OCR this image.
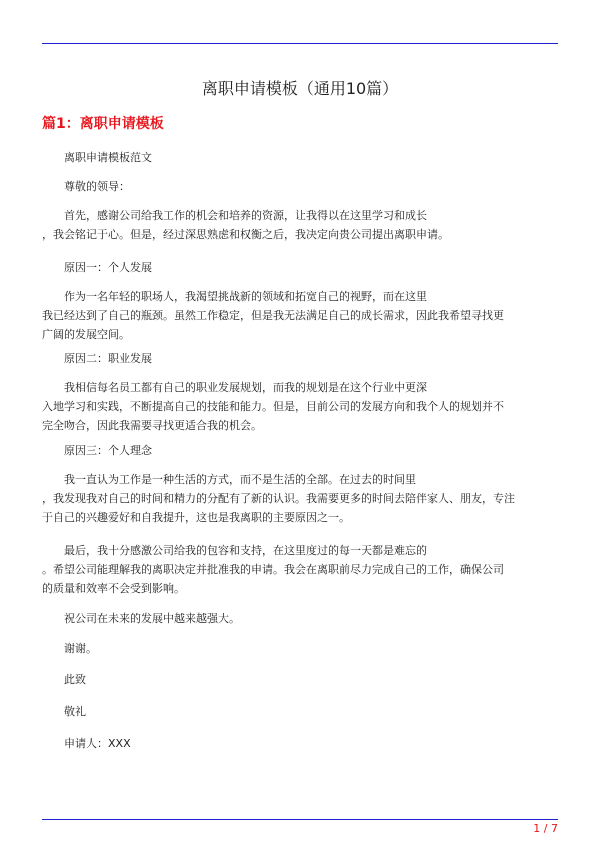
离职申请模板（通用10篇）
篇1：离职申请模板

离职申请模板范文

尊敬的领导：

首先，感谢公司给我工作的机会和培养的资源，让我得以在这里学习和成长
，我会铭记于心。但是，经过深思熟虑和权衡之后，我决定向贵公司提出离职申请。

原因一：个人发展

作为一名年轻的职场人，我渴望挑战新的领域和拓宽自己的视野，而在这里
我已经达到了自己的瓶颈。虽然工作稳定，但是我无法满足自己的成长需求，因此我希望寻找更
广阔的发展空间。

原因二：职业发展

我相信每名员工都有自己的职业发展规划，而我的规划是在这个行业中更深
入地学习和实践，不断提高自己的技能和能力。但是，目前公司的发展方向和我个人的规划并不
完全吻合，因此我需要寻找更适合我的机会。

原因三：个人理念

我一直认为工作是一种生活的方式，而不是生活的全部。在过去的时间里
，我发现我对自己的时间和精力的分配有了新的认识。我需要更多的时间去陪伴家人、朋友，专注
于自己的兴趣爱好和自我提升，这也是我离职的主要原因之一。

最后，我十分感激公司给我的包容和支持，在这里度过的每一天都是难忘的
。希望公司能理解我的离职决定并批准我的申请。我会在离职前尽力完成自己的工作，确保公司
的质量和效率不会受到影响。

祝公司在未来的发展中越来越强大。

谢谢。

此致

敬礼

申请人：XXX

1 / 7
